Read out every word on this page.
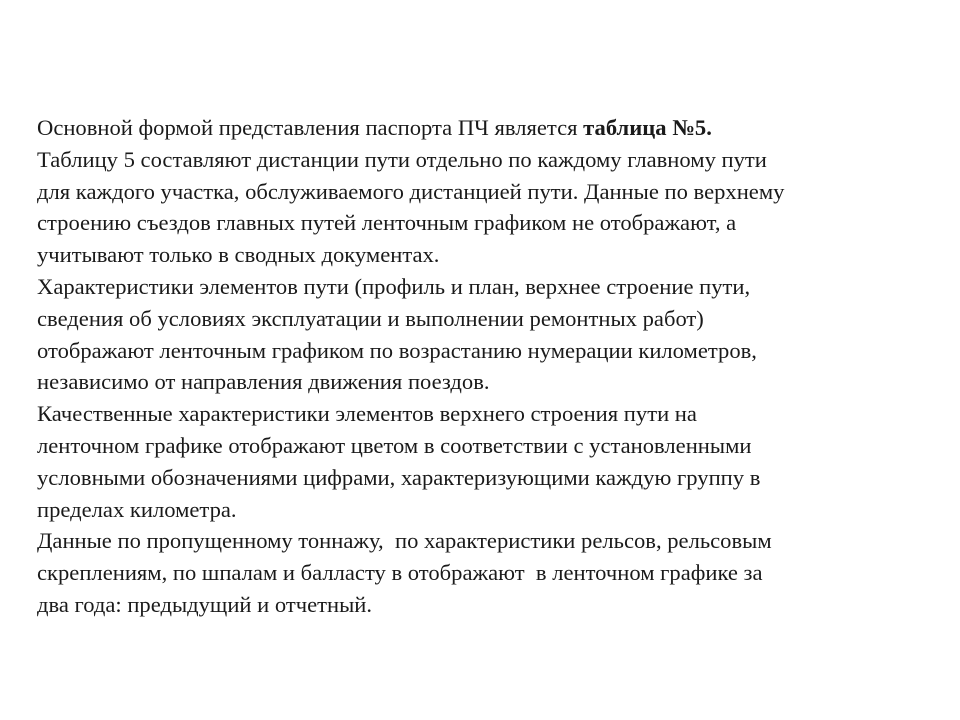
Основной формой представления паспорта ПЧ является таблица №5.
Таблицу 5 составляют дистанции пути отдельно по каждому главному пути
для каждого участка, обслуживаемого дистанцией пути. Данные по верхнему
строению съездов главных путей ленточным графиком не отображают, а
учитывают только в сводных документах.

Характеристики элементов пути (профиль и план, верхнее строение пути,
сведения об условиях эксплуатации и выполнении ремонтных работ)
отображают ленточным графиком по возрастанию нумерации километров,
независимо от направления движения поездов.

Качественные характеристики элементов верхнего строения пути на
ленточном графике отображают цветом в соответствии с установленными
условными обозначениями цифрами, характеризующими каждую группу в
пределах километра.

Данные по пропущенному тоннажу,  по характеристики рельсов, рельсовым
скреплениям, по шпалам и балласту в отображают  в ленточном графике за
два года: предыдущий и отчетный.
